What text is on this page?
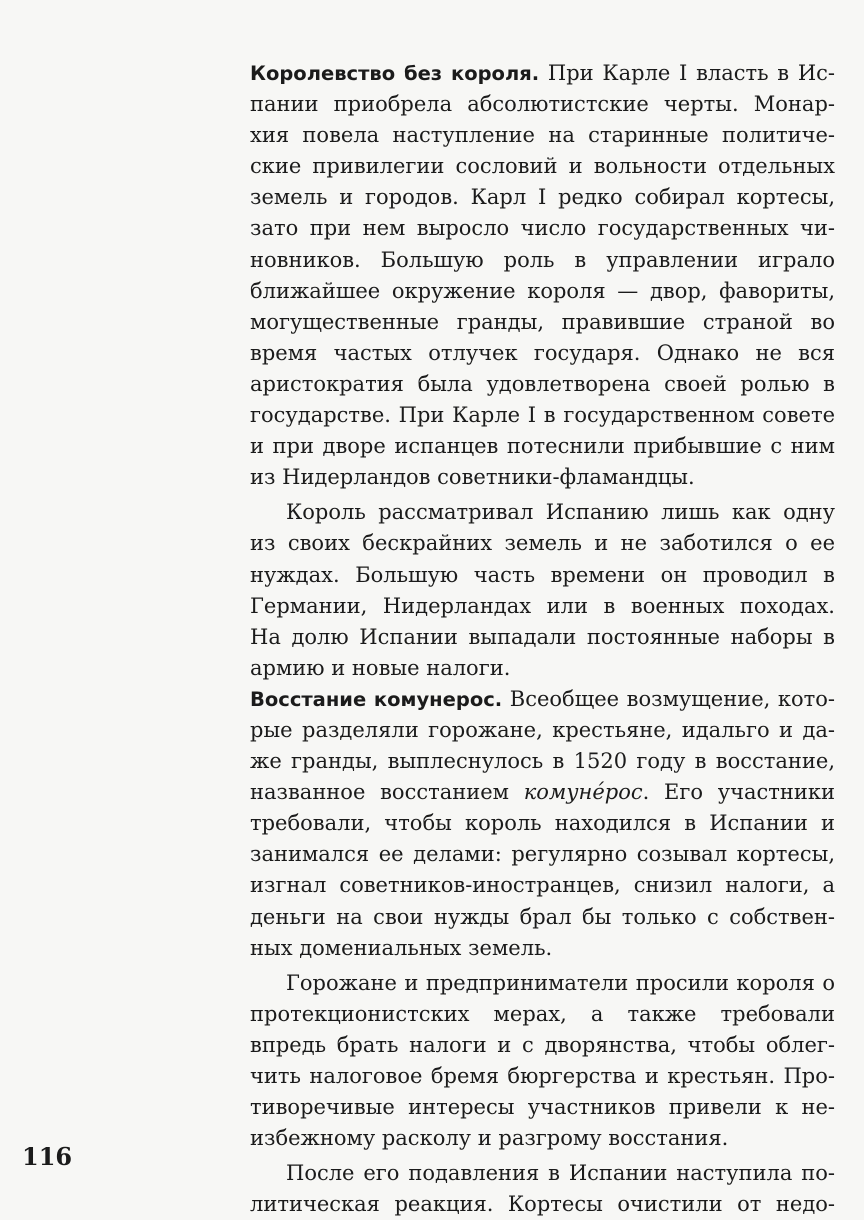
Королевство без короля. При Карле I власть в Ис-
пании приобрела абсолютистские черты. Монар-
хия повела наступление на старинные политиче-
ские привилегии сословий и вольности отдельных
земель и городов. Карл I редко собирал кортесы,
зато при нем выросло число государственных чи-
новников. Большую роль в управлении играло
ближайшее окружение короля — двор, фавориты,
могущественные гранды, правившие страной во
время частых отлучек государя. Однако не вся
аристократия была удовлетворена своей ролью в
государстве. При Карле I в государственном совете
и при дворе испанцев потеснили прибывшие с ним
из Нидерландов советники-фламандцы.
Король рассматривал Испанию лишь как одну
из своих бескрайних земель и не заботился о ее
нуждах. Большую часть времени он проводил в
Германии, Нидерландах или в военных походах.
На долю Испании выпадали постоянные наборы в
армию и новые налоги.
Восстание комунерос. Всеобщее возмущение, кото-
рые разделяли горожане, крестьяне, идальго и да-
же гранды, выплеснулось в 1520 году в восстание,
названное восстанием комуне́рос. Его участники
требовали, чтобы король находился в Испании и
занимался ее делами: регулярно созывал кортесы,
изгнал советников-иностранцев, снизил налоги, а
деньги на свои нужды брал бы только с собствен-
ных домениальных земель.
Горожане и предприниматели просили короля о
протекционистских мерах, а также требовали
впредь брать налоги и с дворянства, чтобы облег-
чить налоговое бремя бюргерства и крестьян. Про-
тиворечивые интересы участников привели к не-
избежному расколу и разгрому восстания.
После его подавления в Испании наступила по-
литическая реакция. Кортесы очистили от недо-
116
